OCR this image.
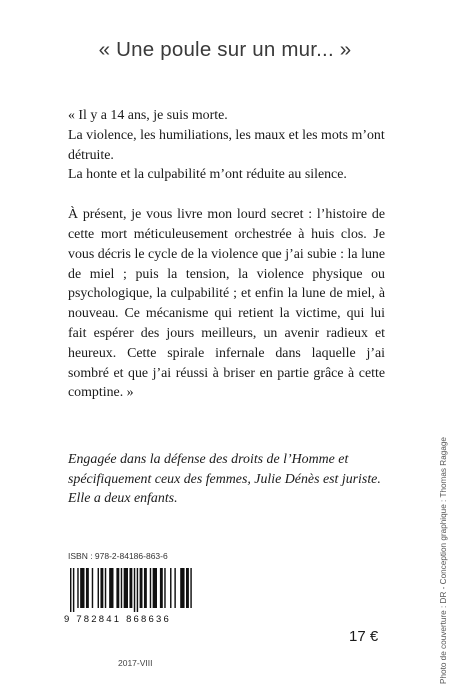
« Une poule sur un mur... »

« Il y a 14 ans, je suis morte.
La violence, les humiliations, les maux et les mots m’ont détruite.
La honte et la culpabilité m’ont réduite au silence.

À présent, je vous livre mon lourd secret : l’histoire de cette mort méticuleusement orchestrée à huis clos. Je vous décris le cycle de la violence que j’ai subie : la lune de miel ; puis la tension, la violence physique ou psychologique, la culpabilité ; et enfin la lune de miel, à nouveau. Ce mécanisme qui retient la victime, qui lui fait espérer des jours meilleurs, un avenir radieux et heureux. Cette spirale infernale dans laquelle j’ai sombré et que j’ai réussi à briser en partie grâce à cette comptine. »

Engagée dans la défense des droits de l’Homme et spécifiquement ceux des femmes, Julie Dénès est juriste. Elle a deux enfants.

ISBN : 978-2-84186-863-6
9 782841 868636
2017-VIII
17 €	Photo de couverture : DR - Conception graphique : Thomas Ragage
